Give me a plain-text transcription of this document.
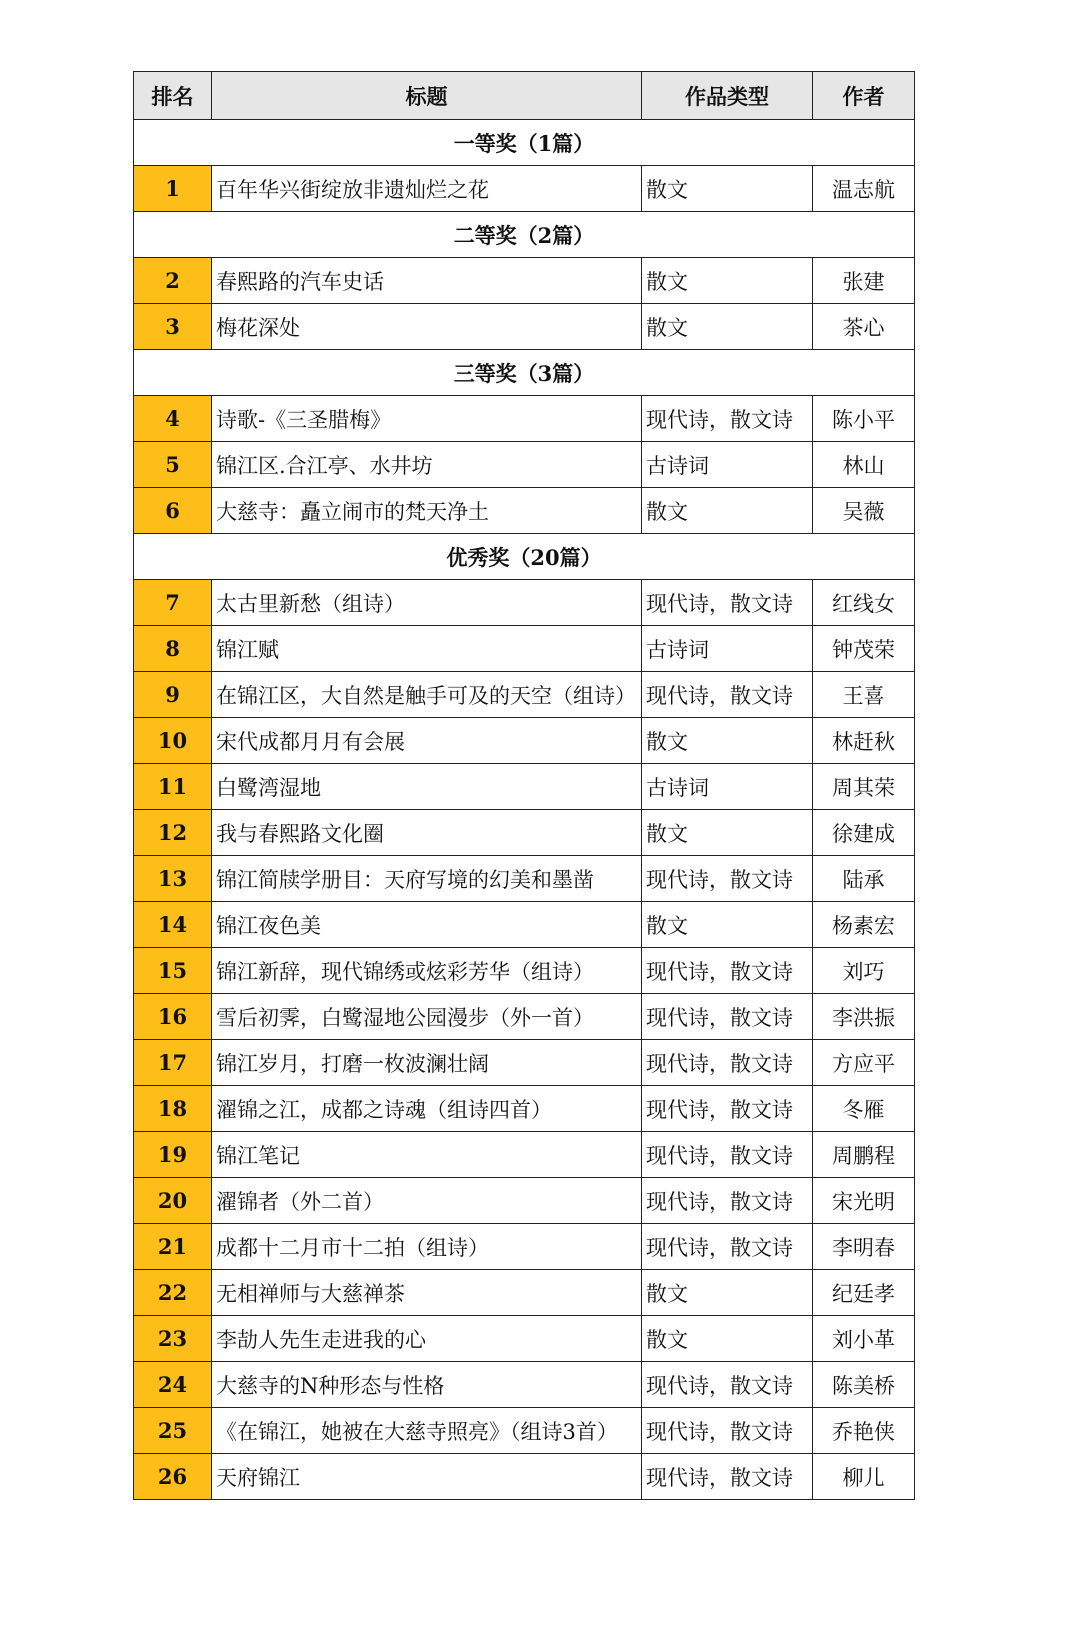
排名	标题	作品类型	作者
一等奖（1篇）			
1	百年华兴街绽放非遗灿烂之花	散文	温志航
二等奖（2篇）			
2	春熙路的汽车史话	散文	张建
3	梅花深处	散文	茶心
三等奖（3篇）			
4	诗歌-《三圣腊梅》	现代诗，散文诗	陈小平
5	锦江区.合江亭、水井坊	古诗词	林山
6	大慈寺：矗立闹市的梵天净土	散文	吴薇
优秀奖（20篇）			
7	太古里新愁（组诗）	现代诗，散文诗	红线女
8	锦江赋	古诗词	钟茂荣
9	在锦江区，大自然是触手可及的天空（组诗）	现代诗，散文诗	王喜
10	宋代成都月月有会展	散文	林赶秋
11	白鹭湾湿地	古诗词	周其荣
12	我与春熙路文化圈	散文	徐建成
13	锦江简牍学册目：天府写境的幻美和墨凿	现代诗，散文诗	陆承
14	锦江夜色美	散文	杨素宏
15	锦江新辞，现代锦绣或炫彩芳华（组诗）	现代诗，散文诗	刘巧
16	雪后初霁，白鹭湿地公园漫步（外一首）	现代诗，散文诗	李洪振
17	锦江岁月，打磨一枚波澜壮阔	现代诗，散文诗	方应平
18	濯锦之江，成都之诗魂（组诗四首）	现代诗，散文诗	冬雁
19	锦江笔记	现代诗，散文诗	周鹏程
20	濯锦者（外二首）	现代诗，散文诗	宋光明
21	成都十二月市十二拍（组诗）	现代诗，散文诗	李明春
22	无相禅师与大慈禅茶	散文	纪廷孝
23	李劼人先生走进我的心	散文	刘小革
24	大慈寺的N种形态与性格	现代诗，散文诗	陈美桥
25	《在锦江，她被在大慈寺照亮》（组诗3首）	现代诗，散文诗	乔艳侠
26	天府锦江	现代诗，散文诗	柳儿
